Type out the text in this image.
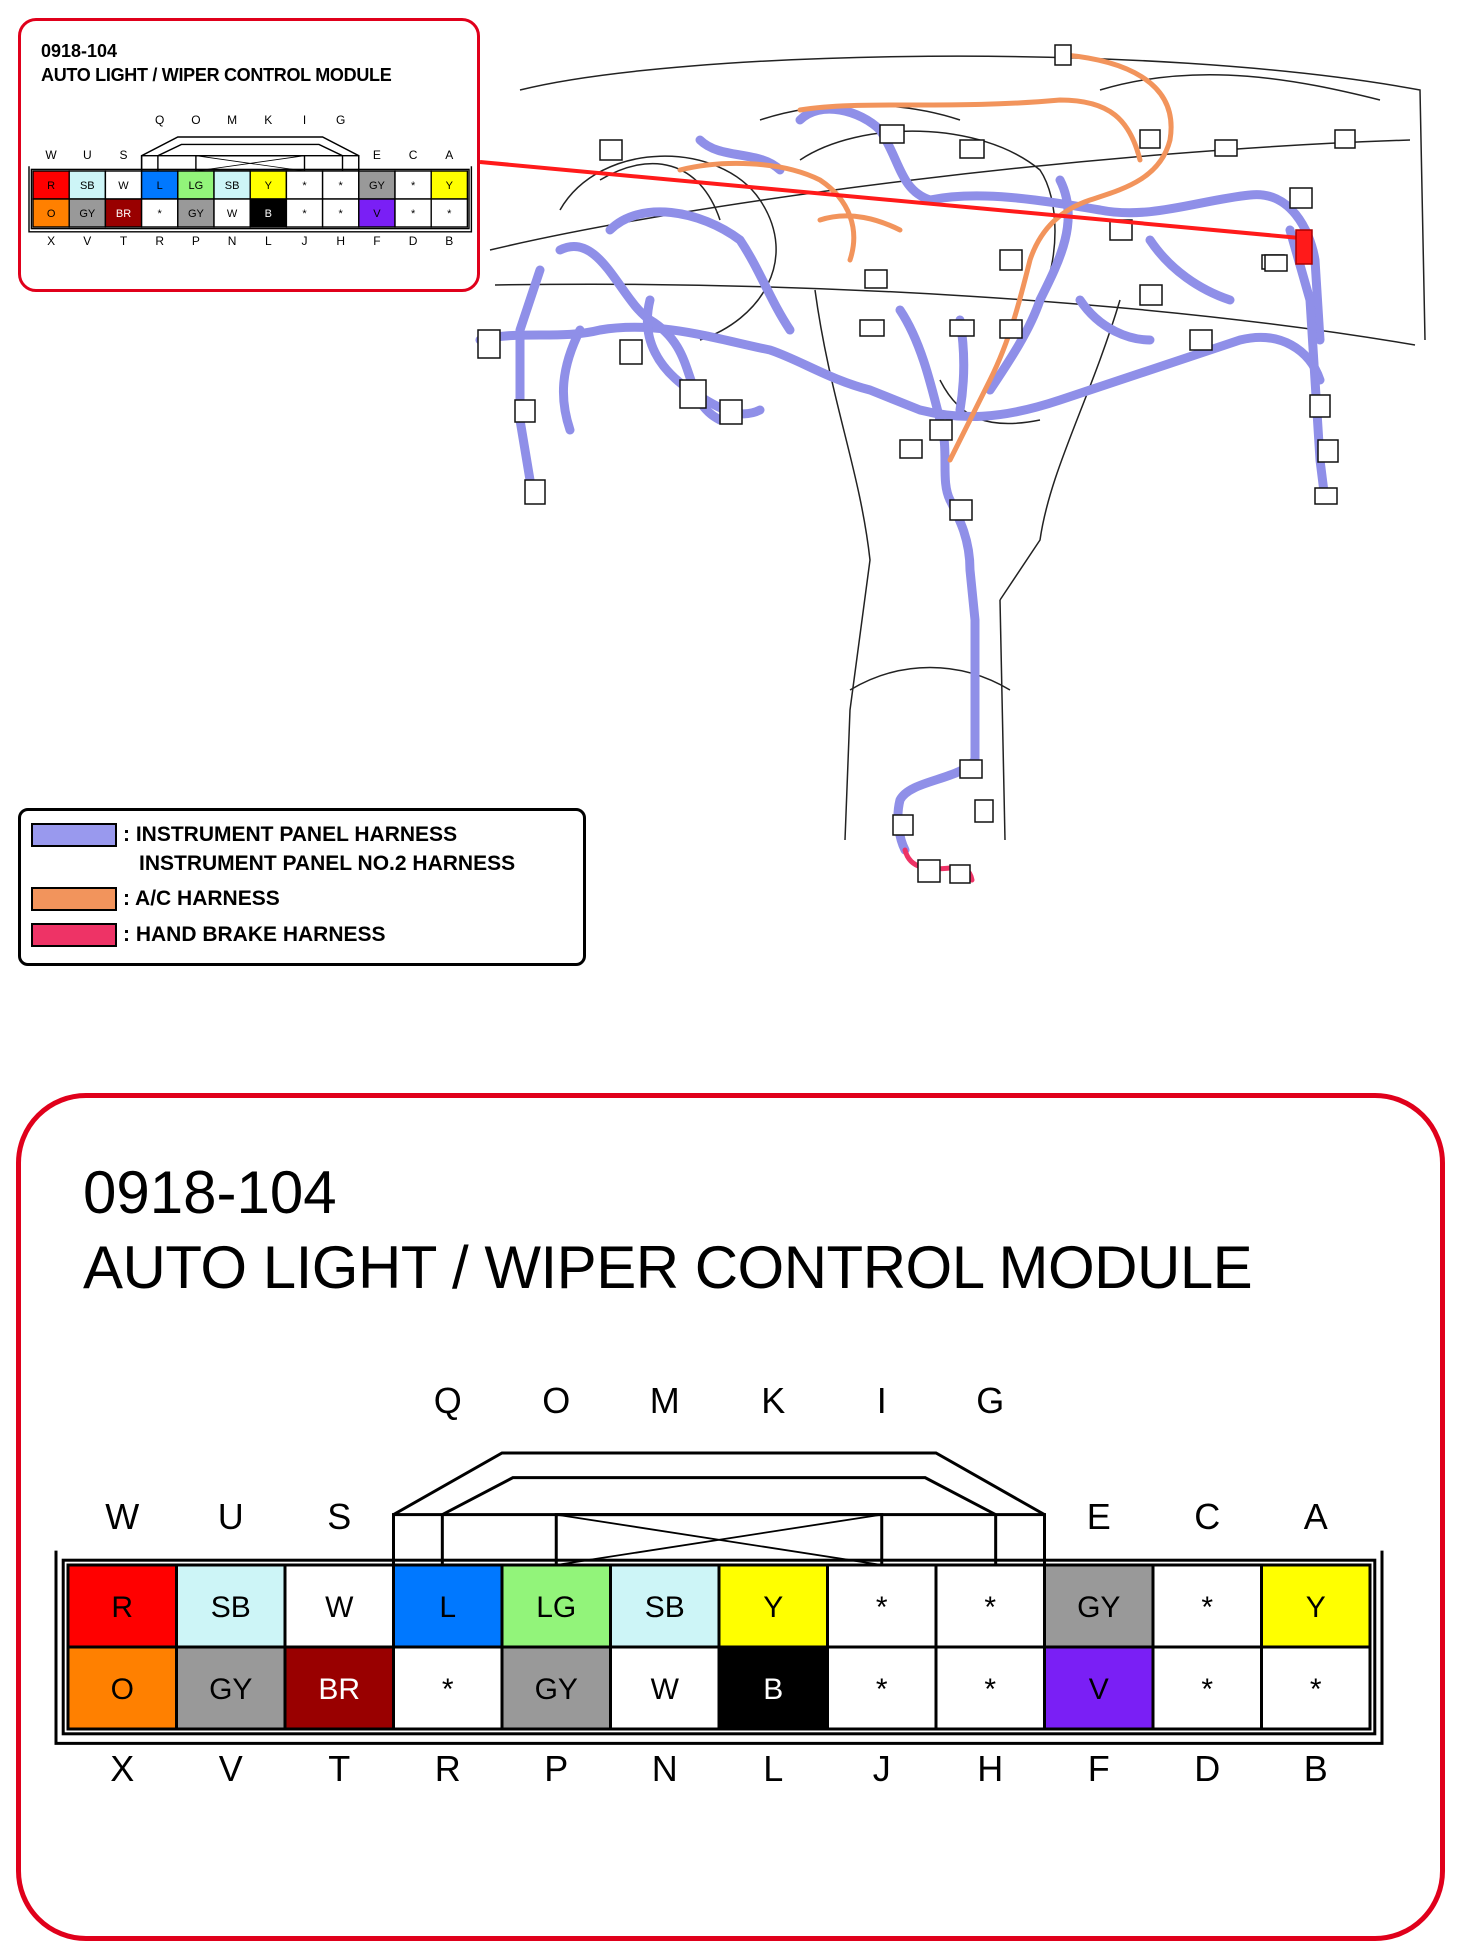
0918-104
AUTO LIGHT / WIPER CONTROL MODULE
R SB W	L LG SB Y	*	* GY *	Y
O GY BR * GY W B	*	*	V	*	*
W U S	E C A
Q O M K	I G
X V T R P N L J H F D B
: INSTRUMENT PANEL HARNESS
INSTRUMENT PANEL NO.2 HARNESS
: A/C HARNESS
: HAND BRAKE HARNESS
0918-104
AUTO LIGHT / WIPER CONTROL MODULE
R	SB W	L	LG SB	Y	*	*	GY	*	Y
O	GY BR	*	GY W	B	*	*	V	*	*
W U S	E C A
Q O M K	I G
X V T R P N L J H F D B
